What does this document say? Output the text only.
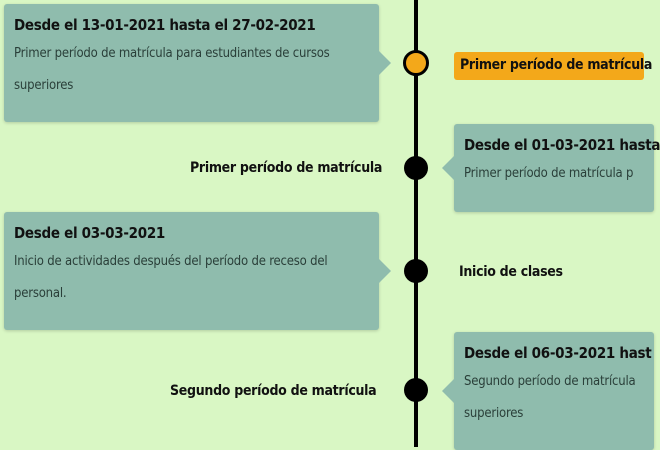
Desde el 13-01-2021 hasta el 27-02-2021

Primer período de matrícula para estudiantes de cursos

superiores

Primer período de matrícula
Primer período de matrícula
Desde el 01-03-2021 hasta

Primer período de matrícula p

Desde el 03-03-2021

Inicio de actividades después del período de receso del

personal.

Inicio de clases
Segundo período de matrícula
Desde el 06-03-2021 hast

Segundo período de matrícula

superiores
